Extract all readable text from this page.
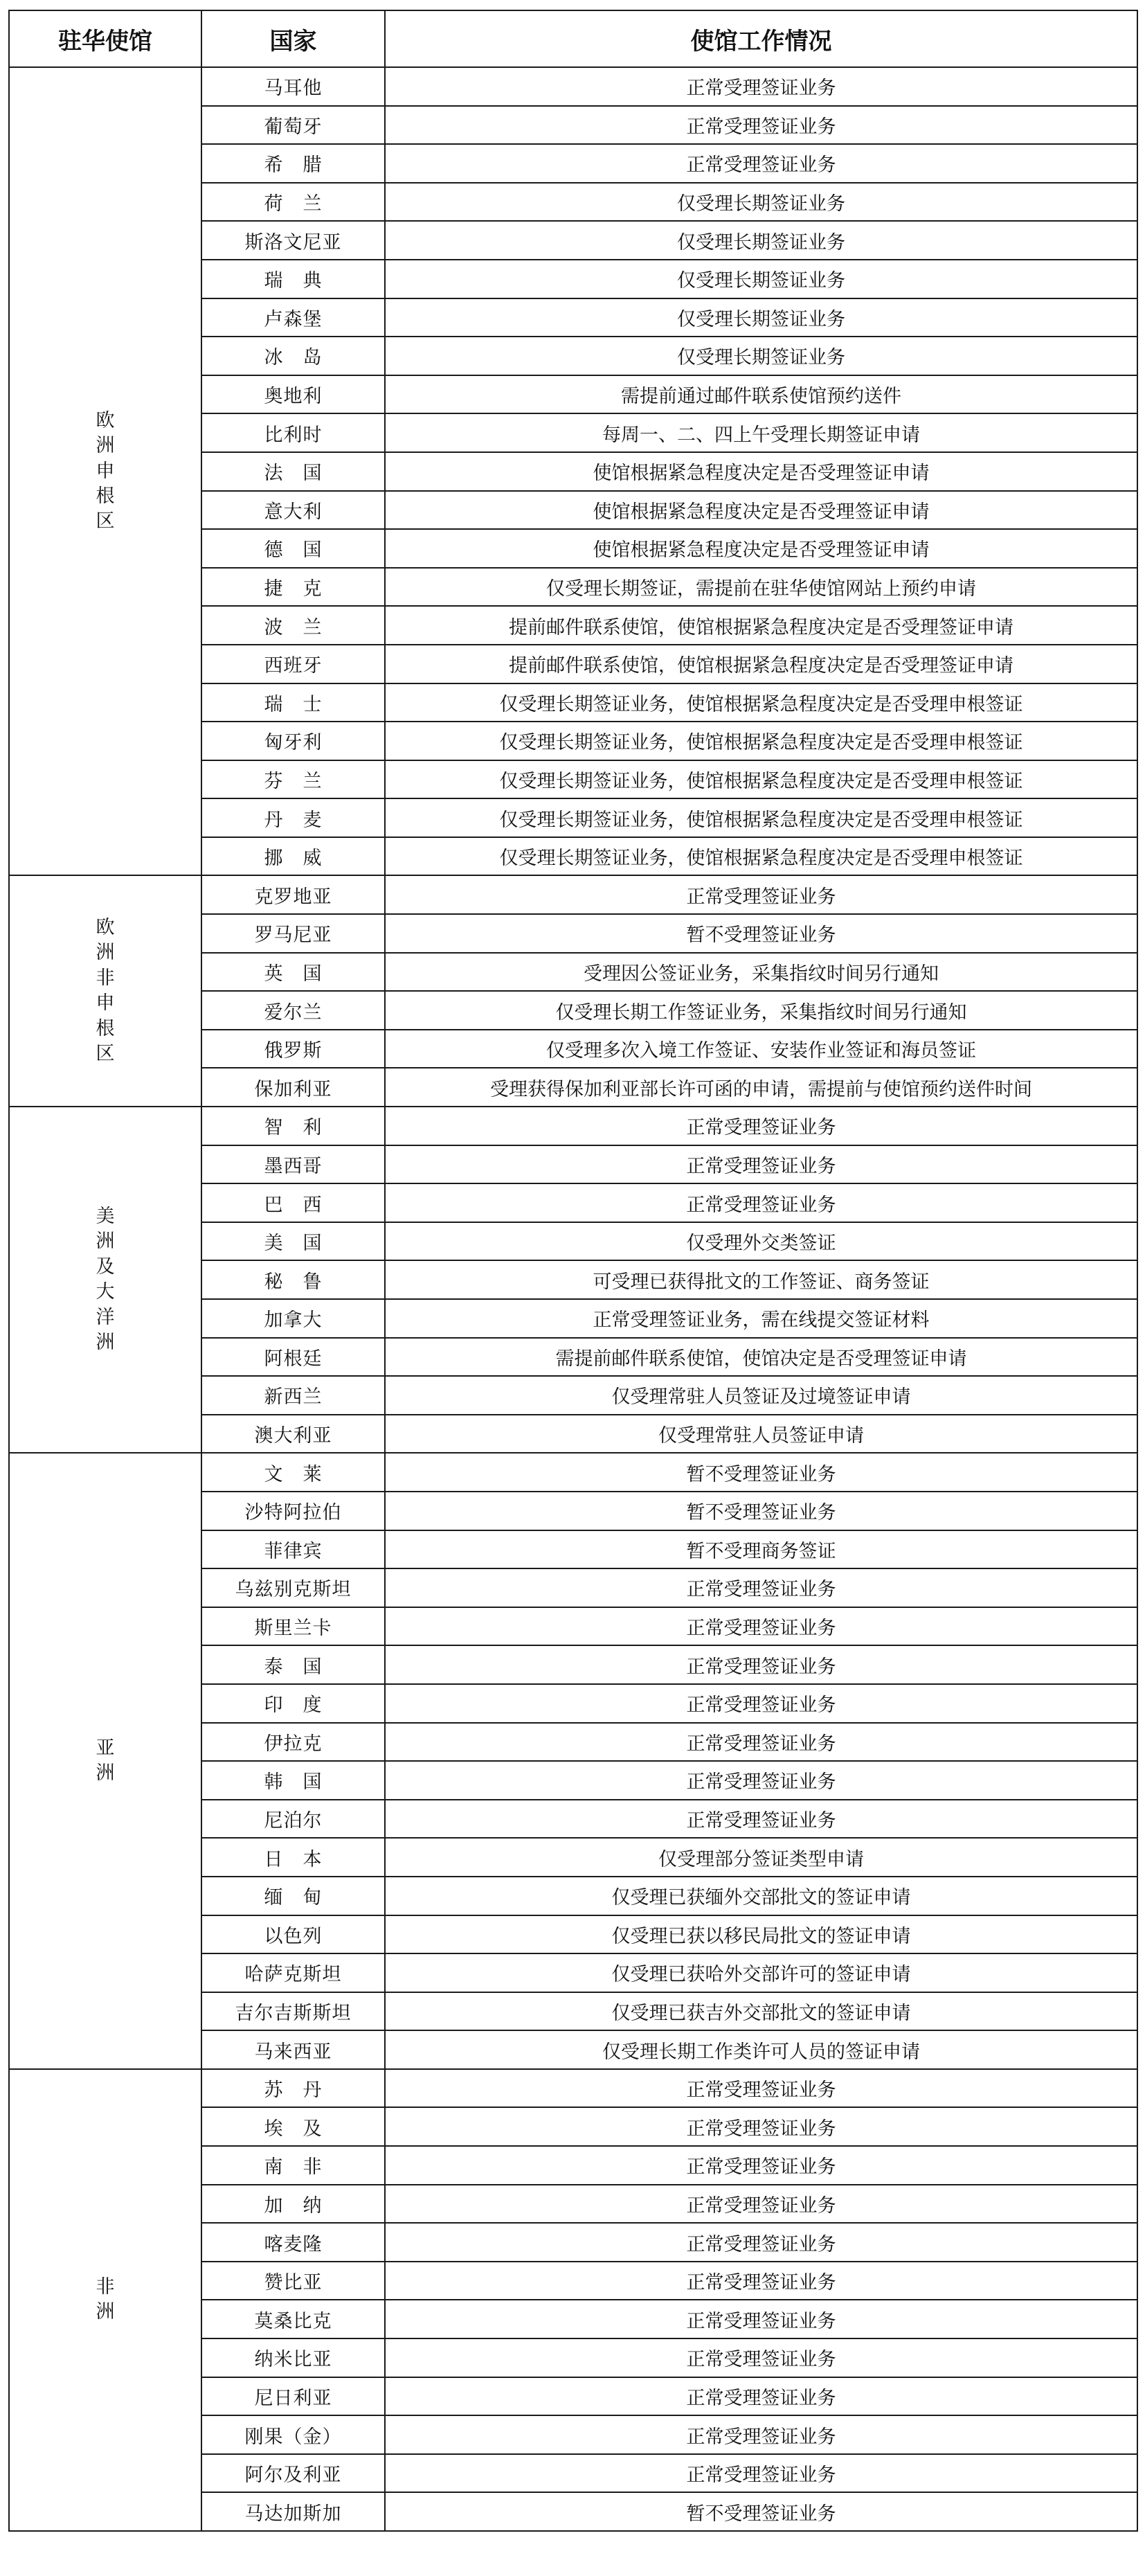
驻华使馆	国家	使馆工作情况
欧洲申根区	马耳他	正常受理签证业务
	葡萄牙	正常受理签证业务
	希　腊	正常受理签证业务
	荷　兰	仅受理长期签证业务
	斯洛文尼亚	仅受理长期签证业务
	瑞　典	仅受理长期签证业务
	卢森堡	仅受理长期签证业务
	冰　岛	仅受理长期签证业务
	奥地利	需提前通过邮件联系使馆预约送件
	比利时	每周一、二、四上午受理长期签证申请
	法　国	使馆根据紧急程度决定是否受理签证申请
	意大利	使馆根据紧急程度决定是否受理签证申请
	德　国	使馆根据紧急程度决定是否受理签证申请
	捷　克	仅受理长期签证，需提前在驻华使馆网站上预约申请
	波　兰	提前邮件联系使馆，使馆根据紧急程度决定是否受理签证申请
	西班牙	提前邮件联系使馆，使馆根据紧急程度决定是否受理签证申请
	瑞　士	仅受理长期签证业务，使馆根据紧急程度决定是否受理申根签证
	匈牙利	仅受理长期签证业务，使馆根据紧急程度决定是否受理申根签证
	芬　兰	仅受理长期签证业务，使馆根据紧急程度决定是否受理申根签证
	丹　麦	仅受理长期签证业务，使馆根据紧急程度决定是否受理申根签证
	挪　威	仅受理长期签证业务，使馆根据紧急程度决定是否受理申根签证
欧洲非申根区	克罗地亚	正常受理签证业务
	罗马尼亚	暂不受理签证业务
	英　国	受理因公签证业务，采集指纹时间另行通知
	爱尔兰	仅受理长期工作签证业务，采集指纹时间另行通知
	俄罗斯	仅受理多次入境工作签证、安装作业签证和海员签证
	保加利亚	受理获得保加利亚部长许可函的申请，需提前与使馆预约送件时间
美洲及大洋洲	智　利	正常受理签证业务
	墨西哥	正常受理签证业务
	巴　西	正常受理签证业务
	美　国	仅受理外交类签证
	秘　鲁	可受理已获得批文的工作签证、商务签证
	加拿大	正常受理签证业务，需在线提交签证材料
	阿根廷	需提前邮件联系使馆，使馆决定是否受理签证申请
	新西兰	仅受理常驻人员签证及过境签证申请
	澳大利亚	仅受理常驻人员签证申请
亚　洲	文　莱	暂不受理签证业务
	沙特阿拉伯	暂不受理签证业务
	菲律宾	暂不受理商务签证
	乌兹别克斯坦	正常受理签证业务
	斯里兰卡	正常受理签证业务
	泰　国	正常受理签证业务
	印　度	正常受理签证业务
	伊拉克	正常受理签证业务
	韩　国	正常受理签证业务
	尼泊尔	正常受理签证业务
	日　本	仅受理部分签证类型申请
	缅　甸	仅受理已获缅外交部批文的签证申请
	以色列	仅受理已获以移民局批文的签证申请
	哈萨克斯坦	仅受理已获哈外交部许可的签证申请
	吉尔吉斯斯坦	仅受理已获吉外交部批文的签证申请
	马来西亚	仅受理长期工作类许可人员的签证申请
非　洲	苏　丹	正常受理签证业务
	埃　及	正常受理签证业务
	南　非	正常受理签证业务
	加　纳	正常受理签证业务
	喀麦隆	正常受理签证业务
	赞比亚	正常受理签证业务
	莫桑比克	正常受理签证业务
	纳米比亚	正常受理签证业务
	尼日利亚	正常受理签证业务
	刚果（金）	正常受理签证业务
	阿尔及利亚	正常受理签证业务
	马达加斯加	暂不受理签证业务
